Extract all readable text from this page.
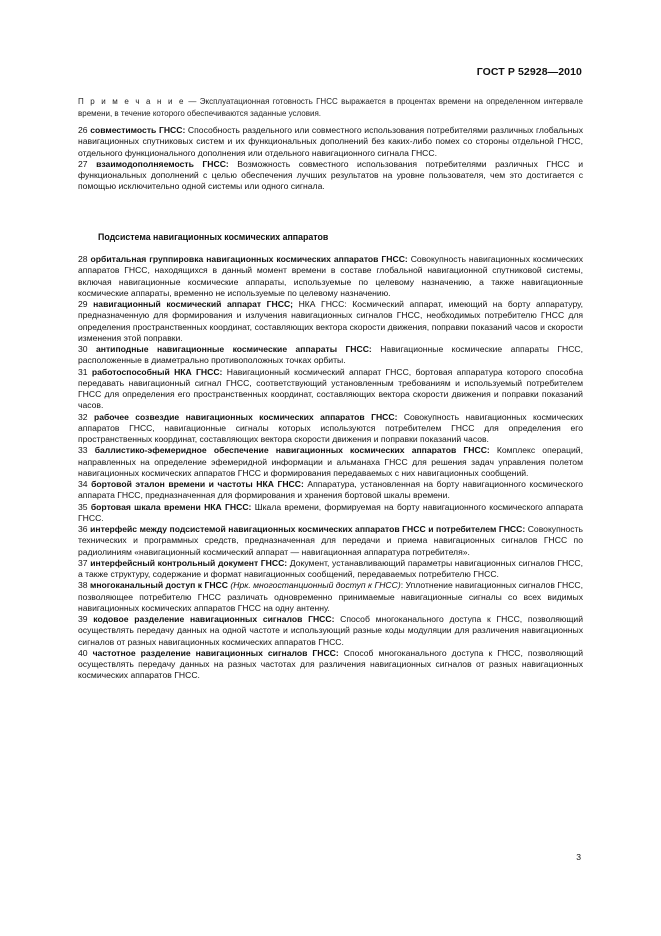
ГОСТ Р 52928—2010
П р и м е ч а н и е — Эксплуатационная готовность ГНСС выражается в процентах времени на определенном интервале времени, в течение которого обеспечиваются заданные условия.

26 совместимость ГНСС: Способность раздельного или совместного использования потребителями различных глобальных навигационных спутниковых систем и их функциональных дополнений без каких-либо помех со стороны отдельной ГНСС, отдельного функционального дополнения или отдельного навигационного сигнала ГНСС.

27 взаимодополняемость ГНСС: Возможность совместного использования потребителями различных ГНСС и функциональных дополнений с целью обеспечения лучших результатов на уровне пользователя, чем это достигается с помощью исключительно одной системы или одного сигнала.

Подсистема навигационных космических аппаратов

28 орбитальная группировка навигационных космических аппаратов ГНСС: Совокупность навигационных космических аппаратов ГНСС, находящихся в данный момент времени в составе глобальной навигационной спутниковой системы, включая навигационные космические аппараты, используемые по целевому назначению, а также навигационные космические аппараты, временно не используемые по целевому назначению.

29 навигационный космический аппарат ГНСС; НКА ГНСС: Космический аппарат, имеющий на борту аппаратуру, предназначенную для формирования и излучения навигационных сигналов ГНСС, необходимых потребителю ГНСС для определения пространственных координат, составляющих вектора скорости движения, поправки показаний часов и скорости изменения этой поправки.

30 антиподные навигационные космические аппараты ГНСС: Навигационные космические аппараты ГНСС, расположенные в диаметрально противоположных точках орбиты.

31 работоспособный НКА ГНСС: Навигационный космический аппарат ГНСС, бортовая аппаратура которого способна передавать навигационный сигнал ГНСС, соответствующий установленным требованиям и используемый потребителем ГНСС для определения его пространственных координат, составляющих вектора скорости движения и поправки показаний часов.

32 рабочее созвездие навигационных космических аппаратов ГНСС: Совокупность навигационных космических аппаратов ГНСС, навигационные сигналы которых используются потребителем ГНСС для определения его пространственных координат, составляющих вектора скорости движения и поправки показаний часов.

33 баллистико-эфемеридное обеспечение навигационных космических аппаратов ГНСС: Комплекс операций, направленных на определение эфемеридной информации и альманаха ГНСС для решения задач управления полетом навигационных космических аппаратов ГНСС и формирования передаваемых с них навигационных сообщений.

34 бортовой эталон времени и частоты НКА ГНСС: Аппаратура, установленная на борту навигационного космического аппарата ГНСС, предназначенная для формирования и хранения бортовой шкалы времени.

35 бортовая шкала времени НКА ГНСС: Шкала времени, формируемая на борту навигационного космического аппарата ГНСС.

36 интерфейс между подсистемой навигационных космических аппаратов ГНСС и потребителем ГНСС: Совокупность технических и программных средств, предназначенная для передачи и приема навигационных сигналов ГНСС по радиолиниям «навигационный космический аппарат — навигационная аппаратура потребителя».

37 интерфейсный контрольный документ ГНСС: Документ, устанавливающий параметры навигационных сигналов ГНСС, а также структуру, содержание и формат навигационных сообщений, передаваемых потребителю ГНСС.

38 многоканальный доступ к ГНСС (Нрк. многостанционный доступ к ГНСС): Уплотнение навигационных сигналов ГНСС, позволяющее потребителю ГНСС различать одновременно принимаемые навигационные сигналы со всех видимых навигационных космических аппаратов ГНСС на одну антенну.

39 кодовое разделение навигационных сигналов ГНСС: Способ многоканального доступа к ГНСС, позволяющий осуществлять передачу данных на одной частоте и использующий разные коды модуляции для различения навигационных сигналов от разных навигационных космических аппаратов ГНСС.

40 частотное разделение навигационных сигналов ГНСС: Способ многоканального доступа к ГНСС, позволяющий осуществлять передачу данных на разных частотах для различения навигационных сигналов от разных навигационных космических аппаратов ГНСС.

3
